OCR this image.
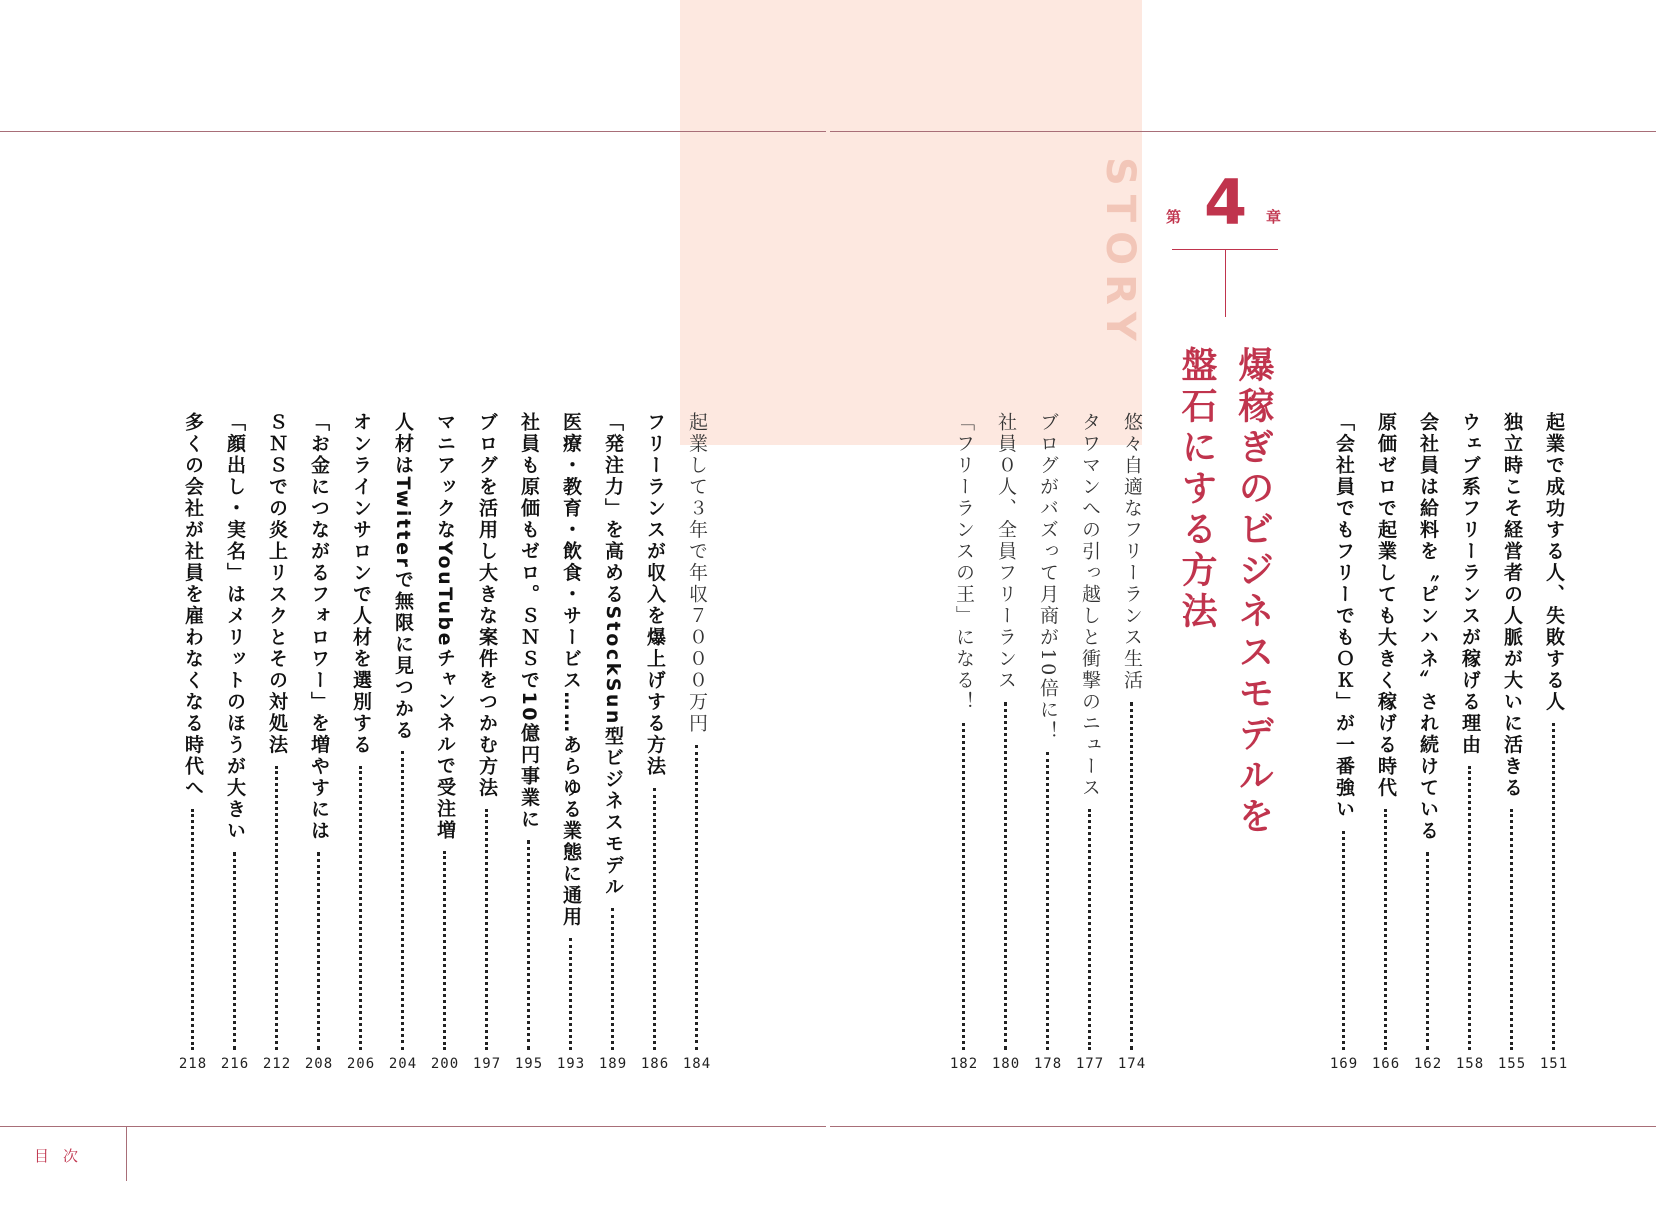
目次
STORY 第 4 章
爆稼ぎのビジネスモデルを
盤石にする方法	起業で成功する人、失敗する人
151
独立時こそ経営者の人脈が大いに活きる
155
ウェブ系フリーランスが稼げる理由
158
会社員は給料を〝ピンハネ〟され続けている
162
原価ゼロで起業しても大きく稼げる時代
166
「会社員でもフリーでもＯＫ」が一番強い
169
悠々自適なフリーランス生活
174
タワマンへの引っ越しと衝撃のニュース
177
ブログがバズって月商が10倍に！
178
社員０人、全員フリーランス
180
「フリーランスの王」になる！
182
起業して３年で年収７０００万円
184
フリーランスが収入を爆上げする方法
186
「発注力」を高めるStockSun型ビジネスモデル
189
医療・教育・飲食・サービス……あらゆる業態に通用
193
社員も原価もゼロ。ＳＮＳで10億円事業に
195
ブログを活用し大きな案件をつかむ方法
197
マニアックなYouTubeチャンネルで受注増
200
人材はTwitterで無限に見つかる
204
オンラインサロンで人材を選別する
206
「お金につながるフォロワー」を増やすには
208
ＳＮＳでの炎上リスクとその対処法
212
「顔出し・実名」はメリットのほうが大きい
216
多くの会社が社員を雇わなくなる時代へ
218
